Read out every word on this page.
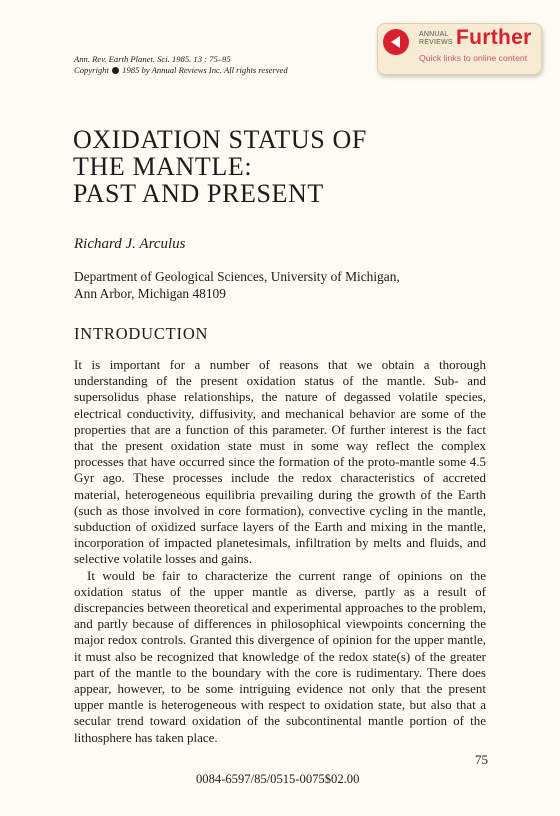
Ann. Rev. Earth Planet. Sci. 1985. 13 : 75–95
Copyright 1985 by Annual Reviews Inc. All rights reserved
ANNUAL
REVIEWS Further
Quick links to online content
OXIDATION STATUS OF
THE MANTLE:
PAST AND PRESENT
Richard J. Arculus
Department of Geological Sciences, University of Michigan,
Ann Arbor, Michigan 48109
INTRODUCTION

It is important for a number of reasons that we obtain a thorough understanding of the present oxidation status of the mantle. Sub- and supersolidus phase relationships, the nature of degassed volatile species, electrical conductivity, diffusivity, and mechanical behavior are some of the properties that are a function of this parameter. Of further interest is the fact that the present oxidation state must in some way reflect the complex processes that have occurred since the formation of the proto-mantle some 4.5 Gyr ago. These processes include the redox characteristics of accreted material, heterogeneous equilibria prevailing during the growth of the Earth (such as those involved in core formation), convective cycling in the mantle, subduction of oxidized surface layers of the Earth and mixing in the mantle, incorporation of impacted planetesimals, infiltration by melts and fluids, and selective volatile losses and gains.

It would be fair to characterize the current range of opinions on the oxidation status of the upper mantle as diverse, partly as a result of discrepancies between theoretical and experimental approaches to the problem, and partly because of differences in philosophical viewpoints concerning the major redox controls. Granted this divergence of opinion for the upper mantle, it must also be recognized that knowledge of the redox state(s) of the greater part of the mantle to the boundary with the core is rudimentary. There does appear, however, to be some intriguing evidence not only that the present upper mantle is heterogeneous with respect to oxidation state, but also that a secular trend toward oxidation of the subcontinental mantle portion of the lithosphere has taken place.

75
0084-6597/85/0515-0075$02.00
